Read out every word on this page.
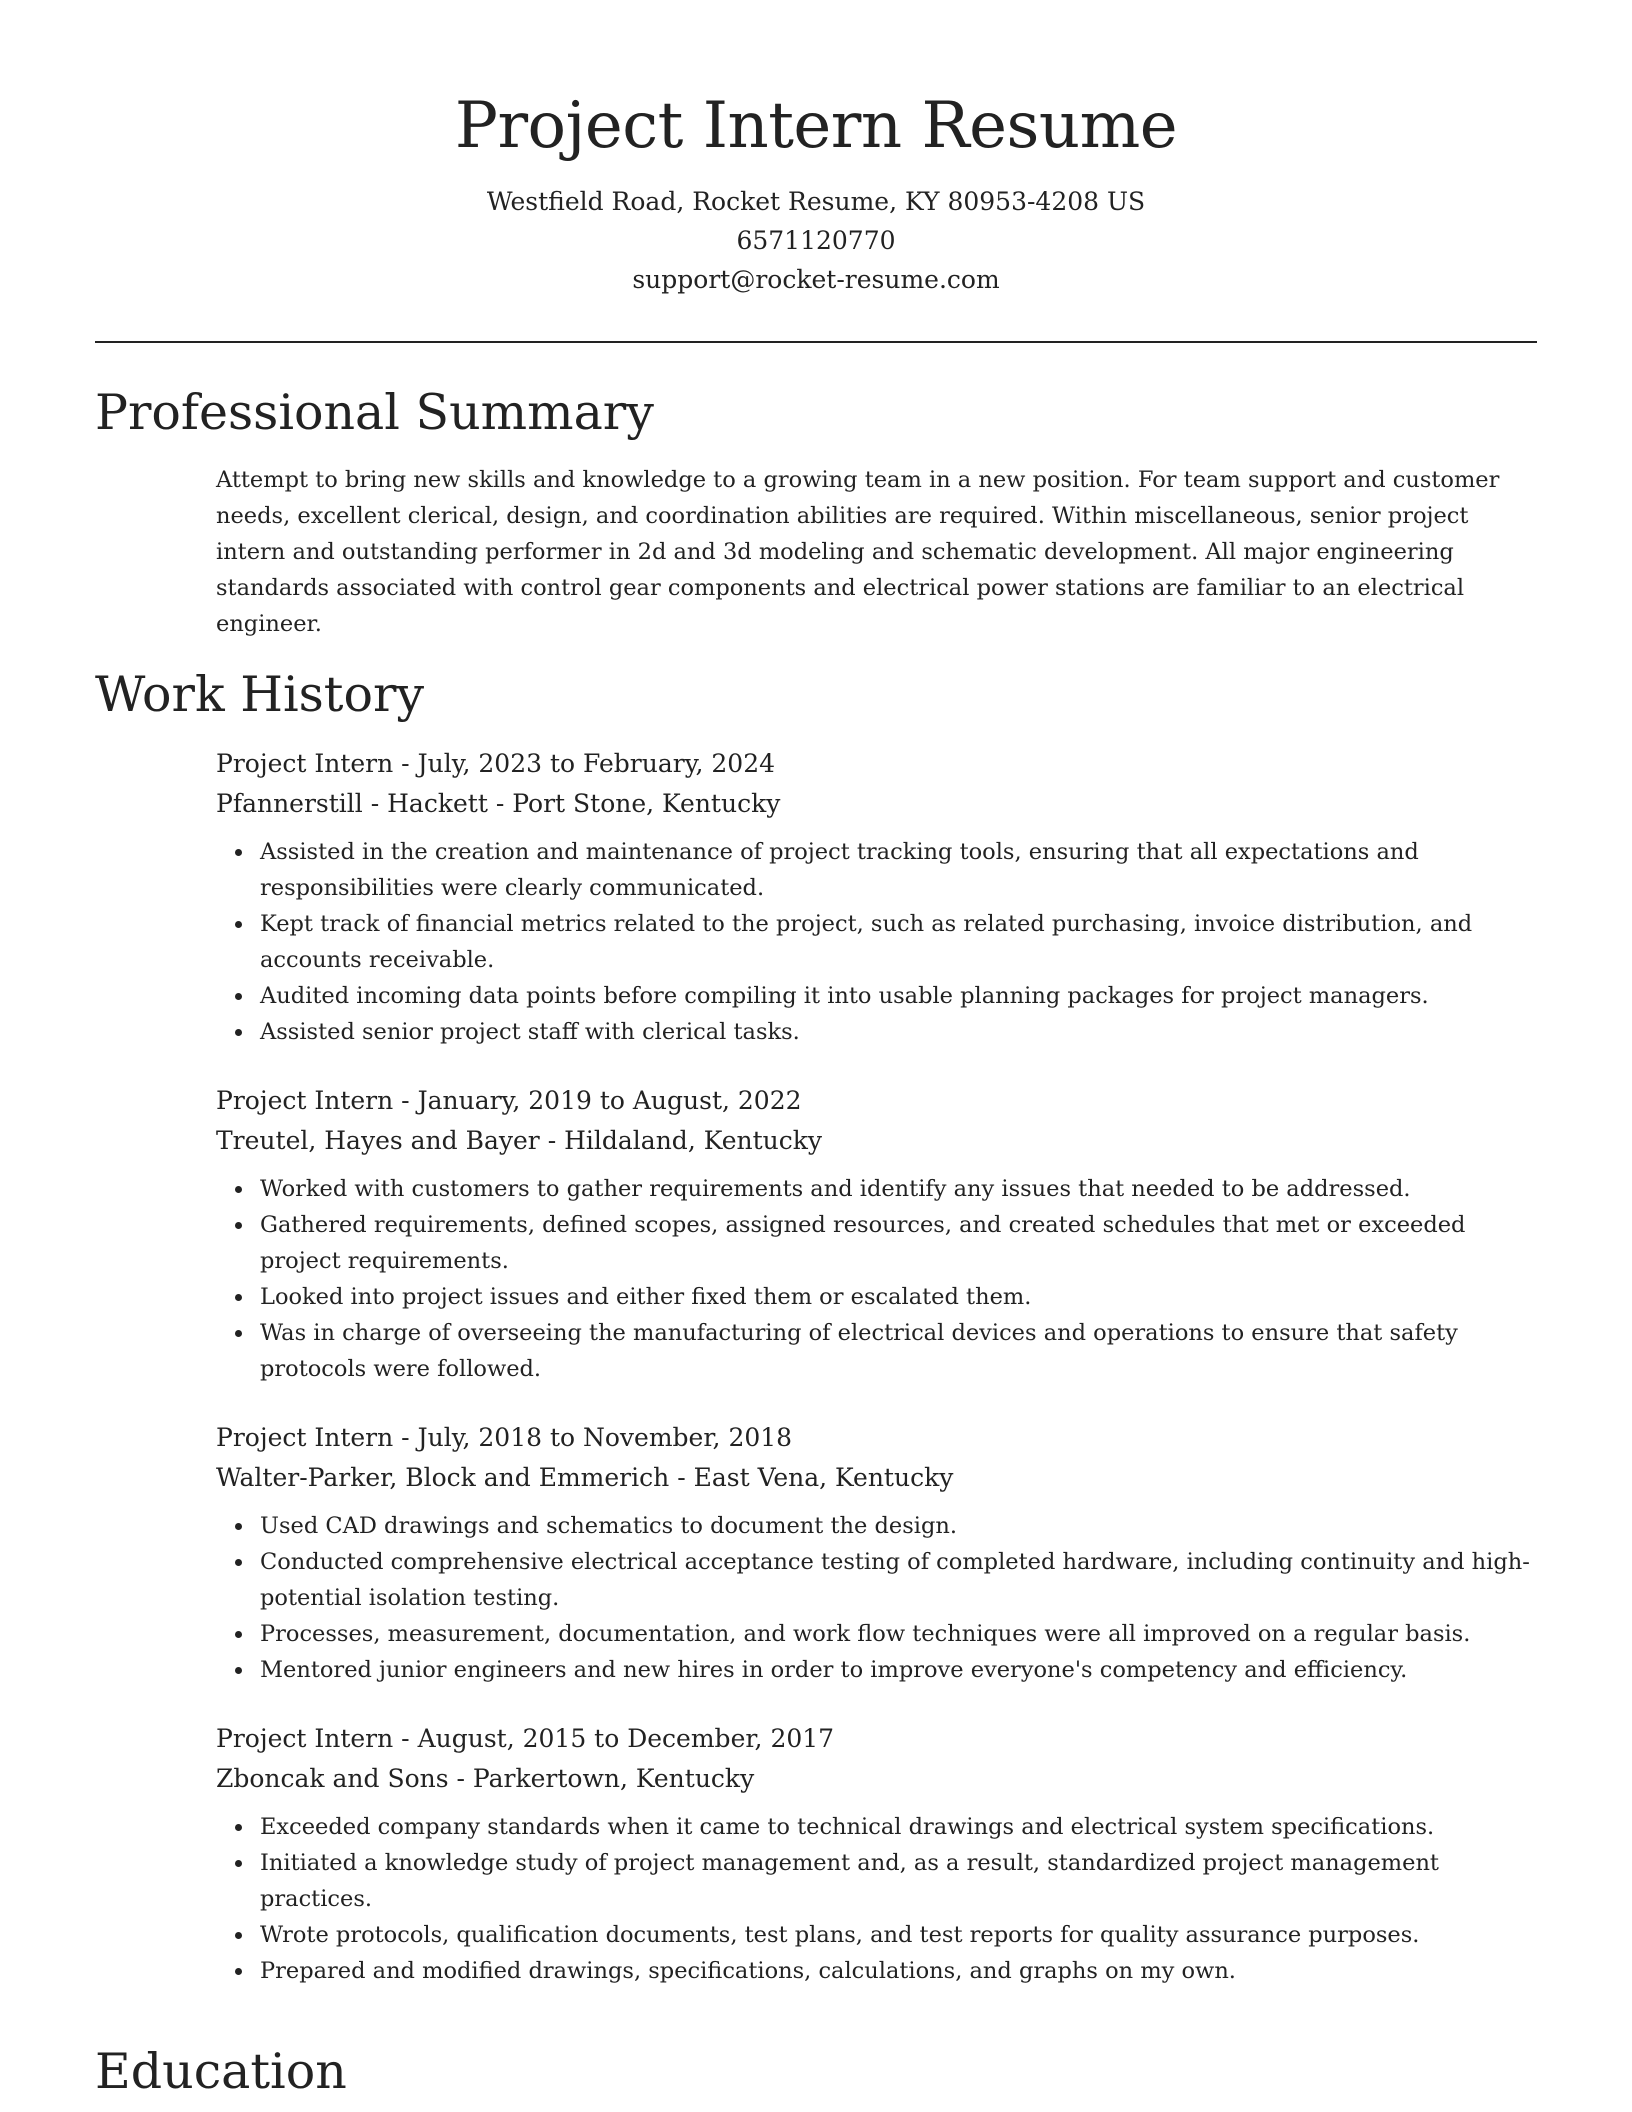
Project Intern Resume
Westfield Road, Rocket Resume, KY 80953-4208 US
6571120770
support@rocket-resume.com
Professional Summary
Attempt to bring new skills and knowledge to a growing team in a new position. For team support and customer needs, excellent clerical, design, and coordination abilities are required. Within miscellaneous, senior project intern and outstanding performer in 2d and 3d modeling and schematic development. All major engineering standards associated with control gear components and electrical power stations are familiar to an electrical engineer.
Work History
Project Intern - July, 2023 to February, 2024
Pfannerstill - Hackett - Port Stone, Kentucky
Assisted in the creation and maintenance of project tracking tools, ensuring that all expectations and responsibilities were clearly communicated.
Kept track of financial metrics related to the project, such as related purchasing, invoice distribution, and accounts receivable.
Audited incoming data points before compiling it into usable planning packages for project managers.
Assisted senior project staff with clerical tasks.
Project Intern - January, 2019 to August, 2022
Treutel, Hayes and Bayer - Hildaland, Kentucky
Worked with customers to gather requirements and identify any issues that needed to be addressed.
Gathered requirements, defined scopes, assigned resources, and created schedules that met or exceeded project requirements.
Looked into project issues and either fixed them or escalated them.
Was in charge of overseeing the manufacturing of electrical devices and operations to ensure that safety protocols were followed.
Project Intern - July, 2018 to November, 2018
Walter-Parker, Block and Emmerich - East Vena, Kentucky
Used CAD drawings and schematics to document the design.
Conducted comprehensive electrical acceptance testing of completed hardware, including continuity and high-potential isolation testing.
Processes, measurement, documentation, and work flow techniques were all improved on a regular basis.
Mentored junior engineers and new hires in order to improve everyone's competency and efficiency.
Project Intern - August, 2015 to December, 2017
Zboncak and Sons - Parkertown, Kentucky
Exceeded company standards when it came to technical drawings and electrical system specifications.
Initiated a knowledge study of project management and, as a result, standardized project management practices.
Wrote protocols, qualification documents, test plans, and test reports for quality assurance purposes.
Prepared and modified drawings, specifications, calculations, and graphs on my own.
Education
